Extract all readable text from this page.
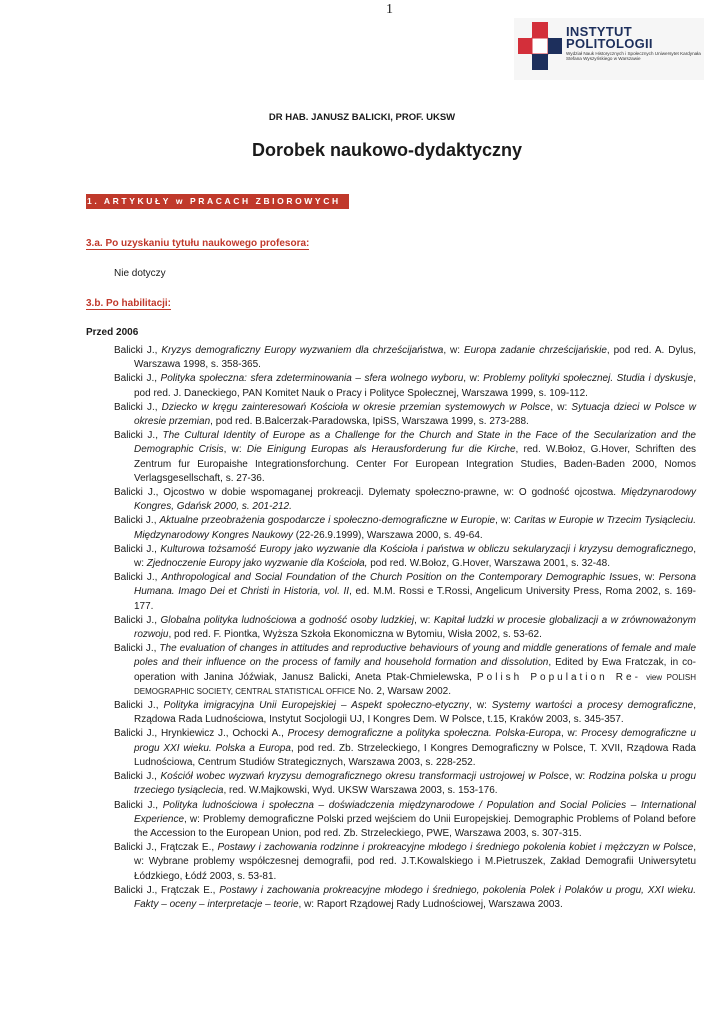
1
INSTYTUT
POLITOLOGII
Wydział Nauk Historycznych i Społecznych Uniwersytet Kardynała Stefana Wyszyńskiego w Warszawie
DR HAB. JANUSZ BALICKI, PROF. UKSW
Dorobek naukowo-dydaktyczny
1. ARTYKUŁY w PRACACH ZBIOROWYCH
3.a. Po uzyskaniu tytułu naukowego profesora:
Nie dotyczy
3.b. Po habilitacji:
Przed 2006

Balicki J., Kryzys demograficzny Europy wyzwaniem dla chrześcijaństwa, w: Europa zadanie chrześcijańskie, pod red. A. Dylus, Warszawa 1998, s. 358-365.

Balicki J., Polityka społeczna: sfera zdeterminowania – sfera wolnego wyboru, w: Problemy polityki społecznej. Studia i dyskusje, pod red. J. Daneckiego, PAN Komitet Nauk o Pracy i Polityce Społecznej, Warszawa 1999, s. 109-112.

Balicki J., Dziecko w kręgu zainteresowań Kościoła w okresie przemian systemowych w Polsce, w: Sytuacja dzieci w Polsce w okresie przemian, pod red. B.Balcerzak-Paradowska, IpiSS, Warszawa 1999, s. 273-288.

Balicki J., The Cultural Identity of Europe as a Challenge for the Church and State in the Face of the Secularization and the Demographic Crisis, w: Die Einigung Europas als Herausforderung fur die Kirche, red. W.Bołoz, G.Hover, Schriften des Zentrum fur Europaishe Integrationsforchung. Center For European Integration Studies, Baden-Baden 2000, Nomos Verlagsgesellschaft, s. 27-36.

Balicki J., Ojcostwo w dobie wspomaganej prokreacji. Dylematy społeczno-prawne, w: O godność ojcostwa. Międzynarodowy Kongres, Gdańsk 2000, s. 201-212.

Balicki J., Aktualne przeobrażenia gospodarcze i społeczno-demograficzne w Europie, w: Caritas w Europie w Trzecim Tysiącleciu. Międzynarodowy Kongres Naukowy (22-26.9.1999), Warszawa 2000, s. 49-64.

Balicki J., Kulturowa tożsamość Europy jako wyzwanie dla Kościoła i państwa w obliczu sekularyzacji i kryzysu demograficznego, w: Zjednoczenie Europy jako wyzwanie dla Kościoła, pod red. W.Bołoz, G.Hover, Warszawa 2001, s. 32-48.

Balicki J., Anthropological and Social Foundation of the Church Position on the Contemporary Demographic Issues, w: Persona Humana. Imago Dei et Christi in Historia, vol. II, ed. M.M. Rossi e T.Rossi, Angelicum University Press, Roma 2002, s. 169-177.

Balicki J., Globalna polityka ludnościowa a godność osoby ludzkiej, w: Kapitał ludzki w procesie globalizacji a w zrównoważonym rozwoju, pod red. F. Piontka, Wyższa Szkoła Ekonomiczna w Bytomiu, Wisła 2002, s. 53-62.

Balicki J., The evaluation of changes in attitudes and reproductive behaviours of young and middle generations of female and male poles and their influence on the process of family and household formation and dissolution, Edited by Ewa Fratczak, in co-operation with Janina Jóźwiak, Janusz Balicki, Aneta Ptak-Chmielewska, Polish Population Re- view POLISH DEMOGRAPHIC SOCIETY, CENTRAL STATISTICAL OFFICE No. 2, Warsaw 2002.

Balicki J., Polityka imigracyjna Unii Europejskiej – Aspekt społeczno-etyczny, w: Systemy wartości a procesy demograficzne, Rządowa Rada Ludnościowa, Instytut Socjologii UJ, I Kongres Dem. W Polsce, t.15, Kraków 2003, s. 345-357.

Balicki J., Hrynkiewicz J., Ochocki A., Procesy demograficzne a polityka społeczna. Polska-Europa, w: Procesy demograficzne u progu XXI wieku. Polska a Europa, pod red. Zb. Strzeleckiego, I Kongres Demograficzny w Polsce, T. XVII, Rządowa Rada Ludnościowa, Centrum Studiów Strategicznych, Warszawa 2003, s. 228-252.

Balicki J., Kościół wobec wyzwań kryzysu demograficznego okresu transformacji ustrojowej w Polsce, w: Rodzina polska u progu trzeciego tysiąclecia, red. W.Majkowski, Wyd. UKSW Warszawa 2003, s. 153-176.

Balicki J., Polityka ludnościowa i społeczna – doświadczenia międzynarodowe / Population and Social Policies – International Experience, w: Problemy demograficzne Polski przed wejściem do Unii Europejskiej. Demographic Problems of Poland before the Accession to the European Union, pod red. Zb. Strzeleckiego, PWE, Warszawa 2003, s. 307-315.

Balicki J., Frątczak E., Postawy i zachowania rodzinne i prokreacyjne młodego i średniego pokolenia kobiet i mężczyzn w Polsce, w: Wybrane problemy współczesnej demografii, pod red. J.T.Kowalskiego i M.Pietruszek, Zakład Demografii Uniwersytetu Łódzkiego, Łódź 2003, s. 53-81.

Balicki J., Frątczak E., Postawy i zachowania prokreacyjne młodego i średniego, pokolenia Polek i Polaków u progu, XXI wieku. Fakty – oceny – interpretacje – teorie, w: Raport Rządowej Rady Ludnościowej, Warszawa 2003.
